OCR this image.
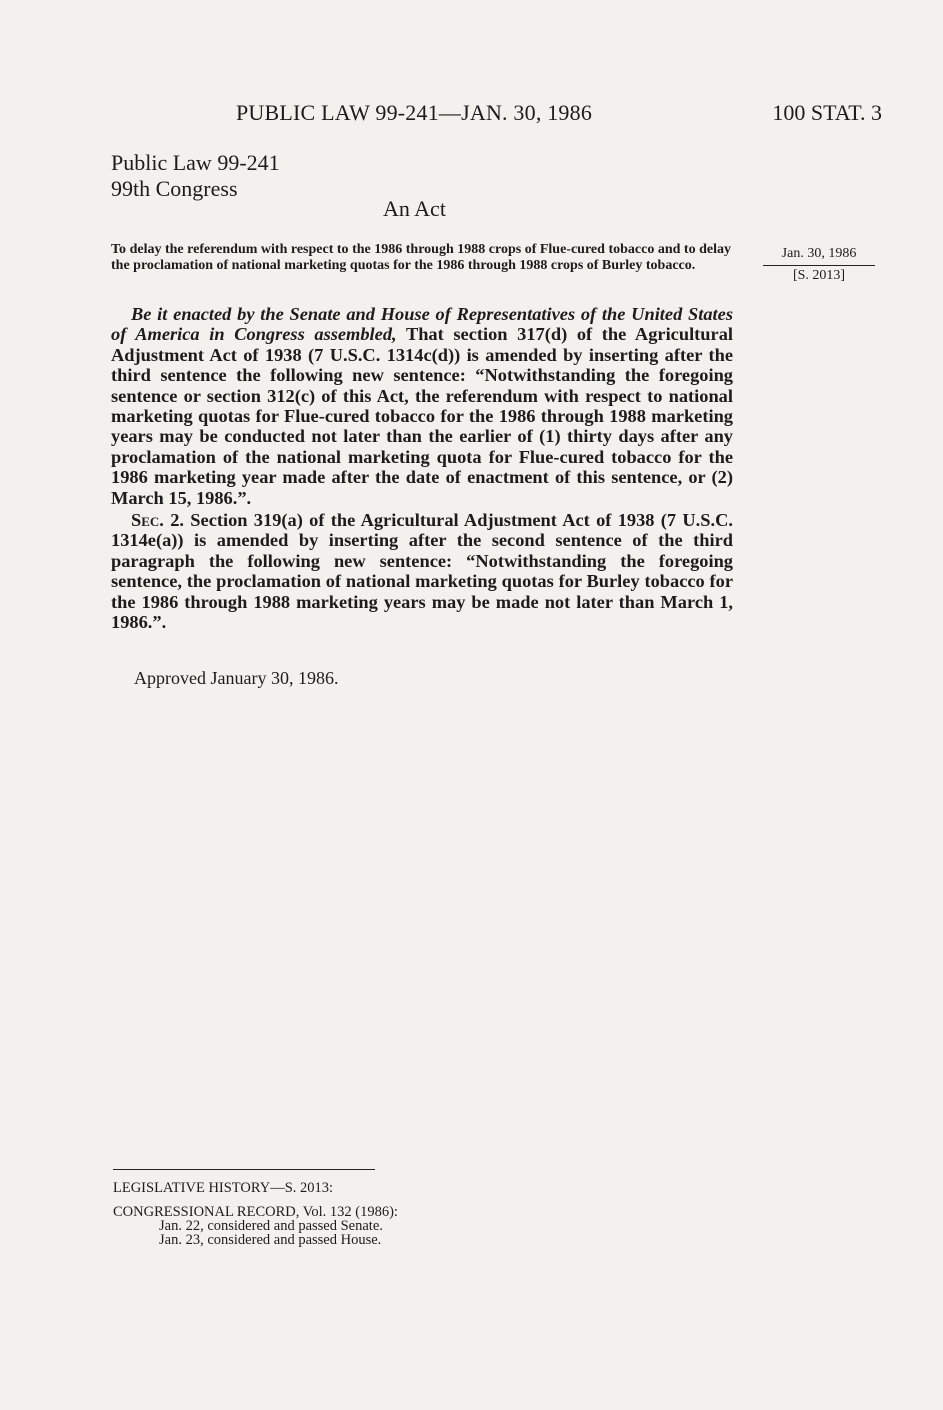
PUBLIC LAW 99-241—JAN. 30, 1986	100 STAT. 3
Public Law 99-241
99th Congress
An Act
To delay the referendum with respect to the 1986 through 1988 crops of Flue-cured tobacco and to delay the proclamation of national marketing quotas for the 1986 through 1988 crops of Burley tobacco.
Jan. 30, 1986
[S. 2013]

Be it enacted by the Senate and House of Representatives of the United States of America in Congress assembled, That section 317(d) of the Agricultural Adjustment Act of 1938 (7 U.S.C. 1314c(d)) is amended by inserting after the third sentence the following new sentence: “Notwithstanding the foregoing sentence or section 312(c) of this Act, the referendum with respect to national marketing quotas for Flue-cured tobacco for the 1986 through 1988 marketing years may be conducted not later than the earlier of (1) thirty days after any proclamation of the national marketing quota for Flue-cured tobacco for the 1986 marketing year made after the date of enactment of this sentence, or (2) March 15, 1986.”.

Sec. 2. Section 319(a) of the Agricultural Adjustment Act of 1938 (7 U.S.C. 1314e(a)) is amended by inserting after the second sentence of the third paragraph the following new sentence: “Notwithstanding the foregoing sentence, the proclamation of national marketing quotas for Burley tobacco for the 1986 through 1988 marketing years may be made not later than March 1, 1986.”.

Approved January 30, 1986.
LEGISLATIVE HISTORY—S. 2013:
CONGRESSIONAL RECORD, Vol. 132 (1986):
Jan. 22, considered and passed Senate.
Jan. 23, considered and passed House.
